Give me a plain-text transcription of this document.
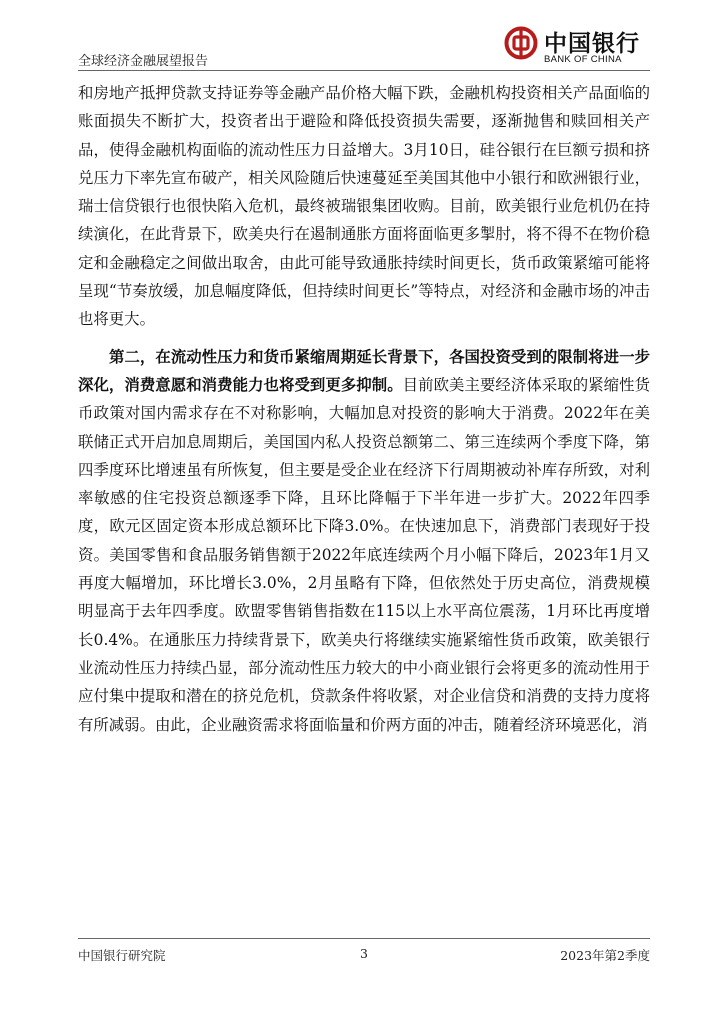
全球经济金融展望报告
中国银行
BANK OF CHINA

和房地产抵押贷款支持证券等金融产品价格大幅下跌，金融机构投资相关产品面临的账面损失不断扩大，投资者出于避险和降低投资损失需要，逐渐抛售和赎回相关产品，使得金融机构面临的流动性压力日益增大。3月10日，硅谷银行在巨额亏损和挤兑压力下率先宣布破产，相关风险随后快速蔓延至美国其他中小银行和欧洲银行业，瑞士信贷银行也很快陷入危机，最终被瑞银集团收购。目前，欧美银行业危机仍在持续演化，在此背景下，欧美央行在遏制通胀方面将面临更多掣肘，将不得不在物价稳定和金融稳定之间做出取舍，由此可能导致通胀持续时间更长，货币政策紧缩可能将呈现“节奏放缓，加息幅度降低，但持续时间更长”等特点，对经济和金融市场的冲击也将更大。

第二，在流动性压力和货币紧缩周期延长背景下，各国投资受到的限制将进一步深化，消费意愿和消费能力也将受到更多抑制。目前欧美主要经济体采取的紧缩性货币政策对国内需求存在不对称影响，大幅加息对投资的影响大于消费。2022年在美联储正式开启加息周期后，美国国内私人投资总额第二、第三连续两个季度下降，第四季度环比增速虽有所恢复，但主要是受企业在经济下行周期被动补库存所致，对利率敏感的住宅投资总额逐季下降，且环比降幅于下半年进一步扩大。2022年四季度，欧元区固定资本形成总额环比下降3.0%。在快速加息下，消费部门表现好于投资。美国零售和食品服务销售额于2022年底连续两个月小幅下降后，2023年1月又再度大幅增加，环比增长3.0%，2月虽略有下降，但依然处于历史高位，消费规模明显高于去年四季度。欧盟零售销售指数在115以上水平高位震荡，1月环比再度增长0.4%。在通胀压力持续背景下，欧美央行将继续实施紧缩性货币政策，欧美银行业流动性压力持续凸显，部分流动性压力较大的中小商业银行会将更多的流动性用于应付集中提取和潜在的挤兑危机，贷款条件将收紧，对企业信贷和消费的支持力度将有所减弱。由此，企业融资需求将面临量和价两方面的冲击，随着经济环境恶化，消

中国银行研究院	3	2023年第2季度
